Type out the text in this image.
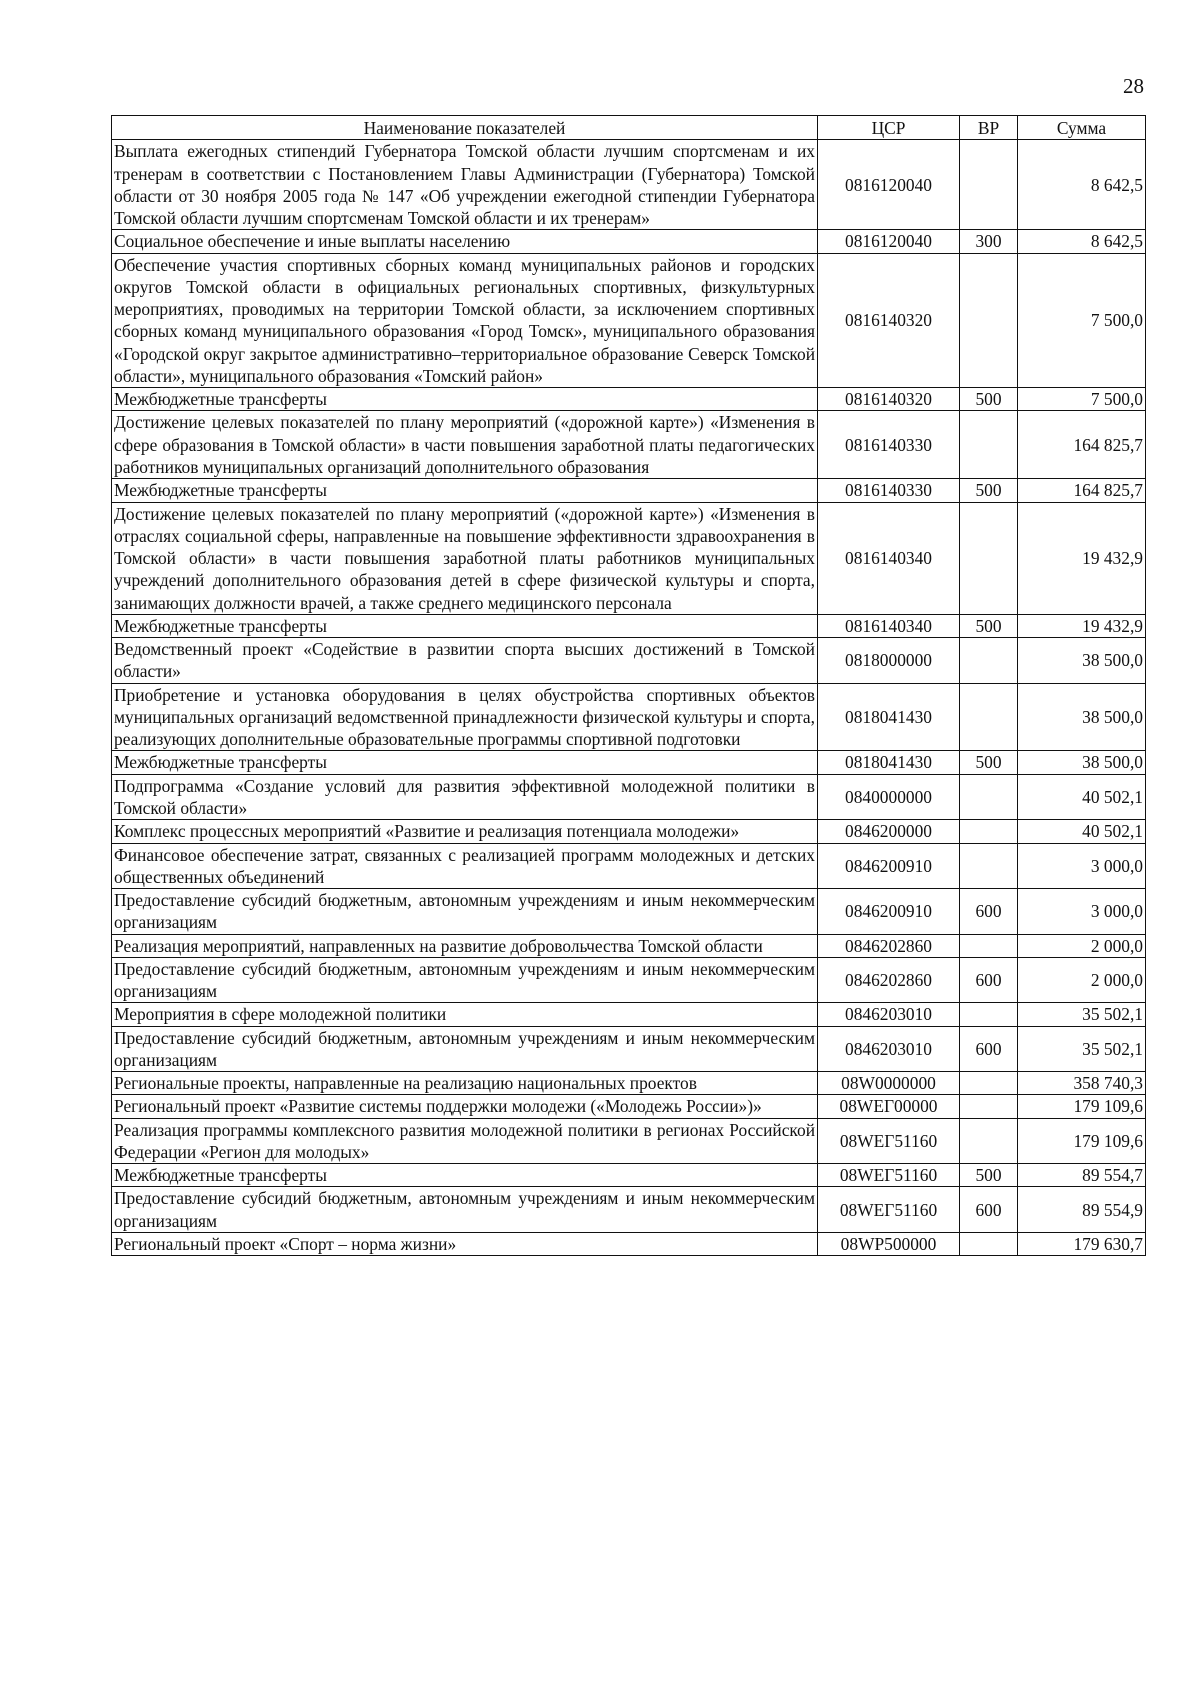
28
Наименование показателей	ЦСР	ВР	Сумма
Выплата ежегодных стипендий Губернатора Томской области лучшим спортсменам и их тренерам в соответствии с Постановлением Главы Администрации (Губернатора) Томской области от 30 ноября 2005 года № 147 «Об учреждении ежегодной стипендии Губернатора Томской области лучшим спортсменам Томской области и их тренерам»	0816120040		8 642,5
Социальное обеспечение и иные выплаты населению	0816120040	300	8 642,5
Обеспечение участия спортивных сборных команд муниципальных районов и городских округов Томской области в официальных региональных спортивных, физкультурных мероприятиях, проводимых на территории Томской области, за исключением спортивных сборных команд муниципального образования «Город Томск», муниципального образования «Городской округ закрытое административно–территориальное образование Северск Томской области», муниципального образования «Томский район»	0816140320		7 500,0
Межбюджетные трансферты	0816140320	500	7 500,0
Достижение целевых показателей по плану мероприятий («дорожной карте») «Изменения в сфере образования в Томской области» в части повышения заработной платы педагогических работников муниципальных организаций дополнительного образования	0816140330		164 825,7
Межбюджетные трансферты	0816140330	500	164 825,7
Достижение целевых показателей по плану мероприятий («дорожной карте») «Изменения в отраслях социальной сферы, направленные на повышение эффективности здравоохранения в Томской области» в части повышения заработной платы работников муниципальных учреждений дополнительного образования детей в сфере физической культуры и спорта, занимающих должности врачей, а также среднего медицинского персонала	0816140340		19 432,9
Межбюджетные трансферты	0816140340	500	19 432,9
Ведомственный проект «Содействие в развитии спорта высших достижений в Томской области»	0818000000		38 500,0
Приобретение и установка оборудования в целях обустройства спортивных объектов муниципальных организаций ведомственной принадлежности физической культуры и спорта, реализующих дополнительные образовательные программы спортивной подготовки	0818041430		38 500,0
Межбюджетные трансферты	0818041430	500	38 500,0
Подпрограмма «Создание условий для развития эффективной молодежной политики в Томской области»	0840000000		40 502,1
Комплекс процессных мероприятий «Развитие и реализация потенциала молодежи»	0846200000		40 502,1
Финансовое обеспечение затрат, связанных с реализацией программ молодежных и детских общественных объединений	0846200910		3 000,0
Предоставление субсидий бюджетным, автономным учреждениям и иным некоммерческим организациям	0846200910	600	3 000,0
Реализация мероприятий, направленных на развитие добровольчества Томской области	0846202860		2 000,0
Предоставление субсидий бюджетным, автономным учреждениям и иным некоммерческим организациям	0846202860	600	2 000,0
Мероприятия в сфере молодежной политики	0846203010		35 502,1
Предоставление субсидий бюджетным, автономным учреждениям и иным некоммерческим организациям	0846203010	600	35 502,1
Региональные проекты, направленные на реализацию национальных проектов	08W0000000		358 740,3
Региональный проект «Развитие системы поддержки молодежи («Молодежь России»)»	08WЕГ00000		179 109,6
Реализация программы комплексного развития молодежной политики в регионах Российской Федерации «Регион для молодых»	08WЕГ51160		179 109,6
Межбюджетные трансферты	08WЕГ51160	500	89 554,7
Предоставление субсидий бюджетным, автономным учреждениям и иным некоммерческим организациям	08WЕГ51160	600	89 554,9
Региональный проект «Спорт – норма жизни»	08WP500000		179 630,7
